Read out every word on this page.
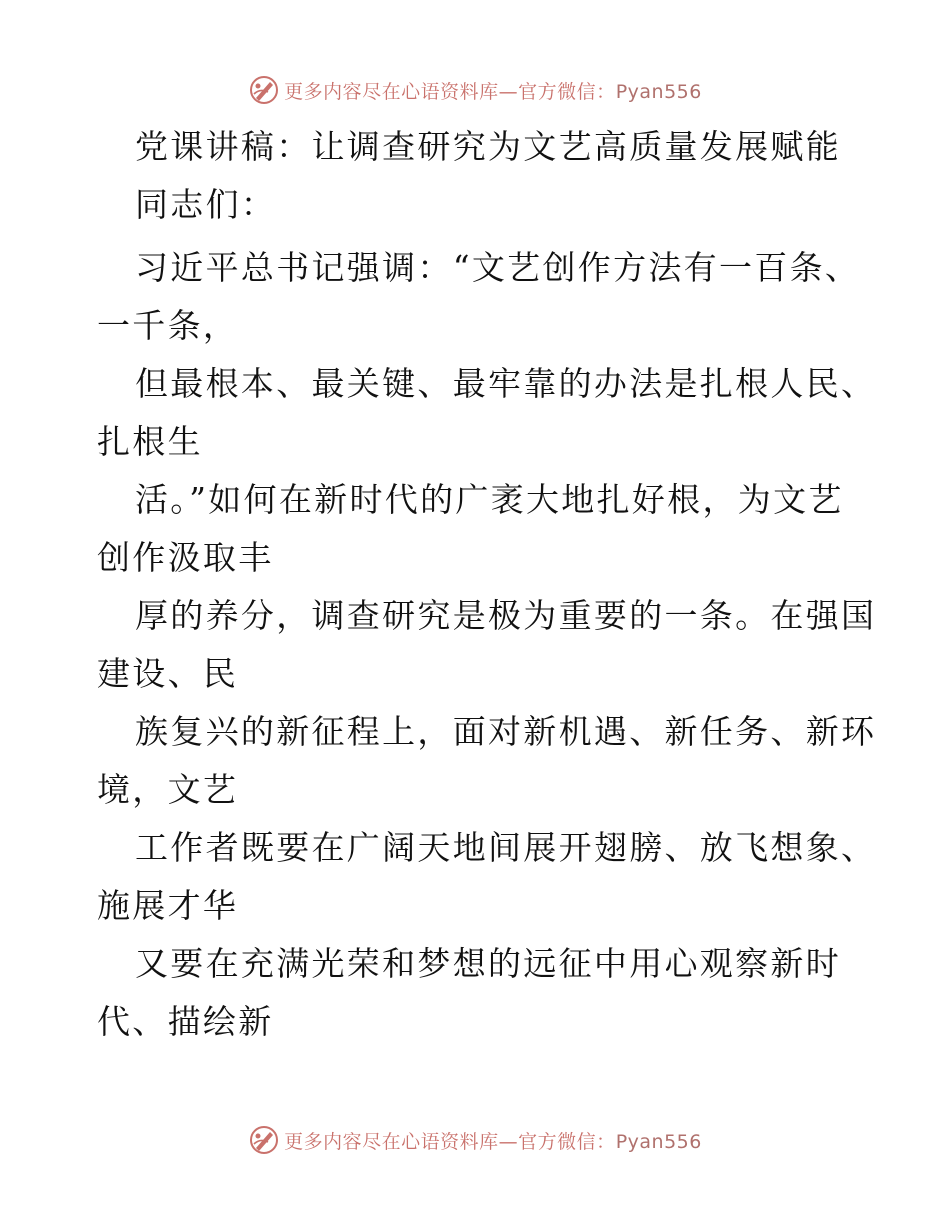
更多内容尽在心语资料库—官方微信：Pyan556
党课讲稿：让调查研究为文艺高质量发展赋能
同志们：
习近平总书记强调：“文艺创作方法有一百条、
一千条，
但最根本、最关键、最牢靠的办法是扎根人民、
扎根生
活。”如何在新时代的广袤大地扎好根，为文艺
创作汲取丰
厚的养分，调查研究是极为重要的一条。在强国
建设、民
族复兴的新征程上，面对新机遇、新任务、新环
境，文艺
工作者既要在广阔天地间展开翅膀、放飞想象、
施展才华
又要在充满光荣和梦想的远征中用心观察新时
代、描绘新
更多内容尽在心语资料库—官方微信：Pyan556
